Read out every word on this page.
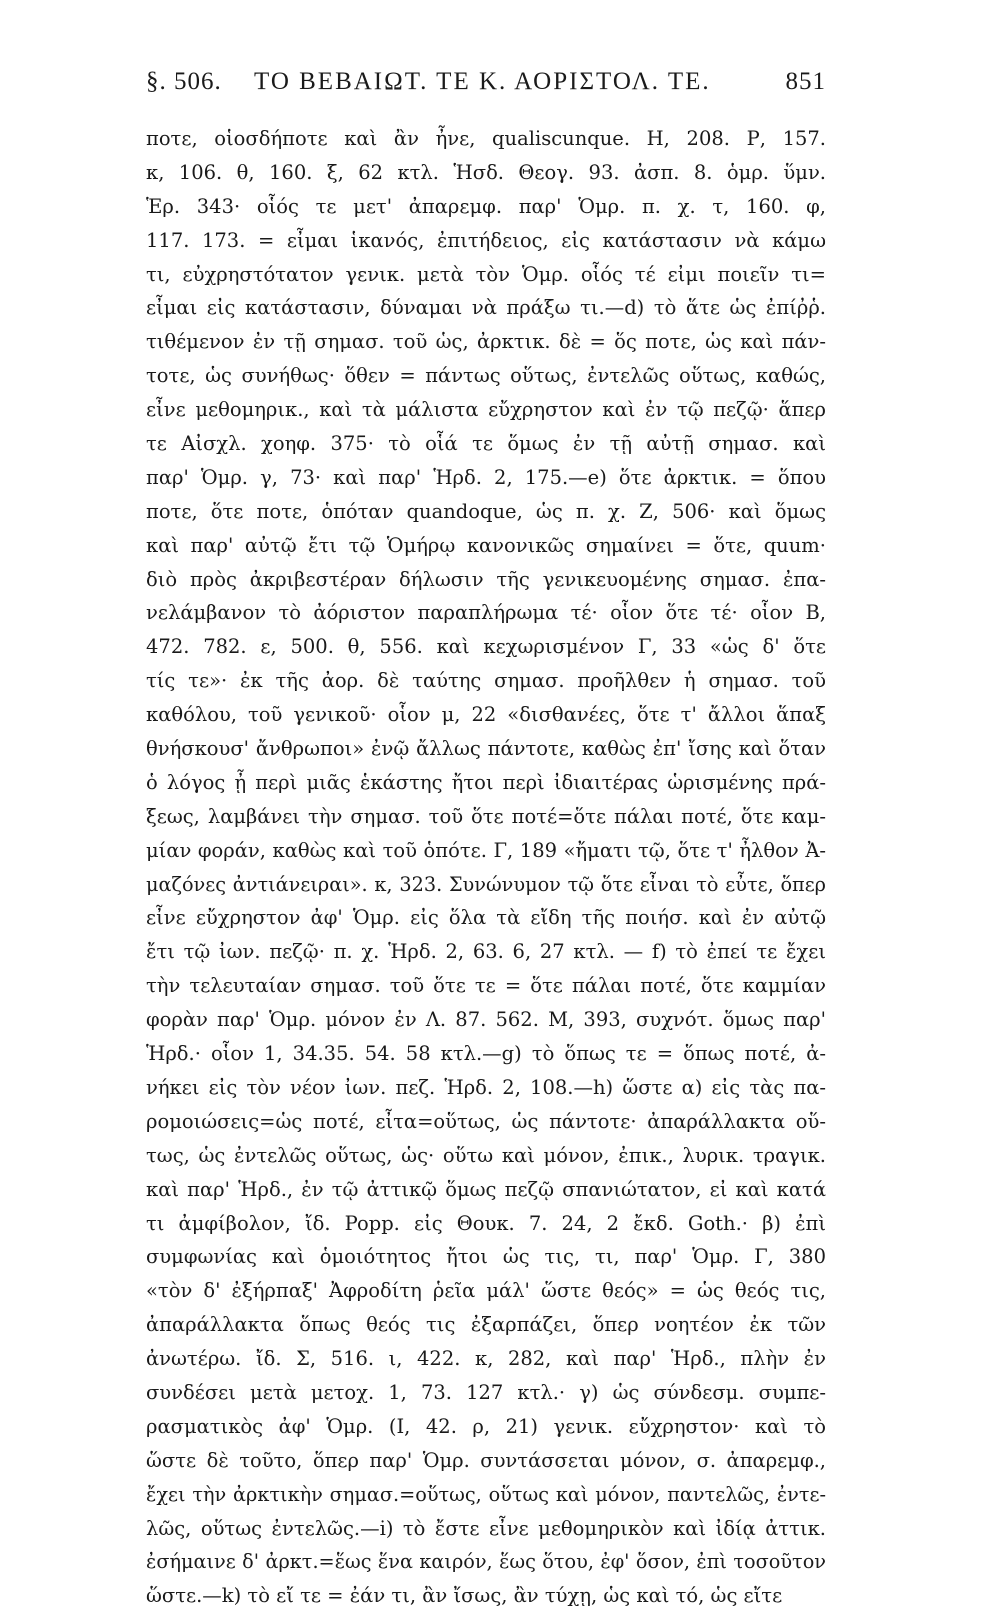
§. 506. ΤΟ ΒΕΒΑΙΩΤ. ΤΕ Κ. ΑΟΡΙΣΤΟΛ. ΤΕ.	851
ποτε, οἱοσδήποτε καὶ ἂν ἦνε, qualiscunque. Η, 208. Ρ, 157.
κ, 106. θ, 160. ξ, 62 κτλ. Ἡσδ. Θεογ. 93. ἀσπ. 8. ὁμρ. ὕμν.
Ἑρ. 343· οἷός τε μετ' ἀπαρεμφ. παρ' Ὁμρ. π. χ. τ, 160. φ,
117. 173. = εἶμαι ἱκανός, ἐπιτήδειος, εἰς κατάστασιν νὰ κάμω
τι, εὐχρηστότατον γενικ. μετὰ τὸν Ὁμρ. οἷός τέ εἰμι ποιεῖν τι=
εἶμαι εἰς κατάστασιν, δύναμαι νὰ πράξω τι.—d) τὸ ἅτε ὡς ἐπίῤῥ.
τιθέμενον ἐν τῇ σημασ. τοῦ ὡς, ἀρκτικ. δὲ = ὅς ποτε, ὡς καὶ πάν-
τοτε, ὡς συνήθως· ὅθεν = πάντως οὕτως, ἐντελῶς οὕτως, καθώς,
εἶνε μεθομηρικ., καὶ τὰ μάλιστα εὔχρηστον καὶ ἐν τῷ πεζῷ· ἅπερ
τε Αἰσχλ. χοηφ. 375· τὸ οἷά τε ὅμως ἐν τῇ αὐτῇ σημασ. καὶ
παρ' Ὁμρ. γ, 73· καὶ παρ' Ἡρδ. 2, 175.—e) ὅτε ἀρκτικ. = ὅπου
ποτε, ὅτε ποτε, ὁπόταν quandoque, ὡς π. χ. Ζ, 506· καὶ ὅμως
καὶ παρ' αὐτῷ ἔτι τῷ Ὁμήρῳ κανονικῶς σημαίνει = ὅτε, quum·
διὸ πρὸς ἀκριβεστέραν δήλωσιν τῆς γενικευομένης σημασ. ἐπα-
νελάμβανον τὸ ἀόριστον παραπλήρωμα τέ· οἷον ὅτε τέ· οἷον Β,
472. 782. ε, 500. θ, 556. καὶ κεχωρισμένον Γ, 33 «ὡς δ' ὅτε
τίς τε»· ἐκ τῆς ἀορ. δὲ ταύτης σημασ. προῆλθεν ἡ σημασ. τοῦ
καθόλου, τοῦ γενικοῦ· οἷον μ, 22 «δισθανέες, ὅτε τ' ἄλλοι ἅπαξ
θνήσκουσ' ἄνθρωποι» ἐνῷ ἄλλως πάντοτε, καθὼς ἐπ' ἴσης καὶ ὅταν
ὁ λόγος ᾖ περὶ μιᾶς ἑκάστης ἤτοι περὶ ἰδιαιτέρας ὡρισμένης πρά-
ξεως, λαμβάνει τὴν σημασ. τοῦ ὅτε ποτέ=ὅτε πάλαι ποτέ, ὅτε καμ-
μίαν φοράν, καθὼς καὶ τοῦ ὁπότε. Γ, 189 «ἤματι τῷ, ὅτε τ' ἦλθον Ἀ-
μαζόνες ἀντιάνειραι». κ, 323. Συνώνυμον τῷ ὅτε εἶναι τὸ εὖτε, ὅπερ
εἶνε εὔχρηστον ἀφ' Ὁμρ. εἰς ὅλα τὰ εἴδη τῆς ποιήσ. καὶ ἐν αὐτῷ
ἔτι τῷ ἰων. πεζῷ· π. χ. Ἡρδ. 2, 63. 6, 27 κτλ. — f) τὸ ἐπεί τε ἔχει
τὴν τελευταίαν σημασ. τοῦ ὅτε τε = ὅτε πάλαι ποτέ, ὅτε καμμίαν
φορὰν παρ' Ὁμρ. μόνον ἐν Λ. 87. 562. Μ, 393, συχνότ. ὅμως παρ'
Ἡρδ.· οἷον 1, 34.35. 54. 58 κτλ.—g) τὸ ὅπως τε = ὅπως ποτέ, ἀ-
νήκει εἰς τὸν νέον ἰων. πεζ. Ἡρδ. 2, 108.—h) ὥστε α) εἰς τὰς πα-
ρομοιώσεις=ὡς ποτέ, εἶτα=οὕτως, ὡς πάντοτε· ἀπαράλλακτα οὕ-
τως, ὡς ἐντελῶς οὕτως, ὡς· οὕτω καὶ μόνον, ἐπικ., λυρικ. τραγικ.
καὶ παρ' Ἡρδ., ἐν τῷ ἀττικῷ ὅμως πεζῷ σπανιώτατον, εἰ καὶ κατά
τι ἀμφίβολον, ἴδ. Popp. εἰς Θουκ. 7. 24, 2 ἔκδ. Goth.· β) ἐπὶ
συμφωνίας καὶ ὁμοιότητος ἤτοι ὡς τις, τι, παρ' Ὁμρ. Γ, 380
«τὸν δ' ἐξήρπαξ' Ἀφροδίτη ῥεῖα μάλ' ὥστε θεός» = ὡς θεός τις,
ἀπαράλλακτα ὅπως θεός τις ἐξαρπάζει, ὅπερ νοητέον ἐκ τῶν
ἀνωτέρω. ἴδ. Σ, 516. ι, 422. κ, 282, καὶ παρ' Ἡρδ., πλὴν ἐν
συνδέσει μετὰ μετοχ. 1, 73. 127 κτλ.· γ) ὡς σύνδεσμ. συμπε-
ρασματικὸς ἀφ' Ὁμρ. (Ι, 42. ρ, 21) γενικ. εὔχρηστον· καὶ τὸ
ὥστε δὲ τοῦτο, ὅπερ παρ' Ὁμρ. συντάσσεται μόνον, σ. ἀπαρεμφ.,
ἔχει τὴν ἀρκτικὴν σημασ.=οὕτως, οὕτως καὶ μόνον, παντελῶς, ἐντε-
λῶς, οὕτως ἐντελῶς.—i) τὸ ἔστε εἶνε μεθομηρικὸν καὶ ἰδίᾳ ἀττικ.
ἐσήμαινε δ' ἀρκτ.=ἕως ἕνα καιρόν, ἕως ὅτου, ἐφ' ὅσον, ἐπὶ τοσοῦτον
ὥστε.—k) τὸ εἴ τε = ἐάν τι, ἂν ἴσως, ἂν τύχῃ, ὡς καὶ τό, ὡς εἴτε
